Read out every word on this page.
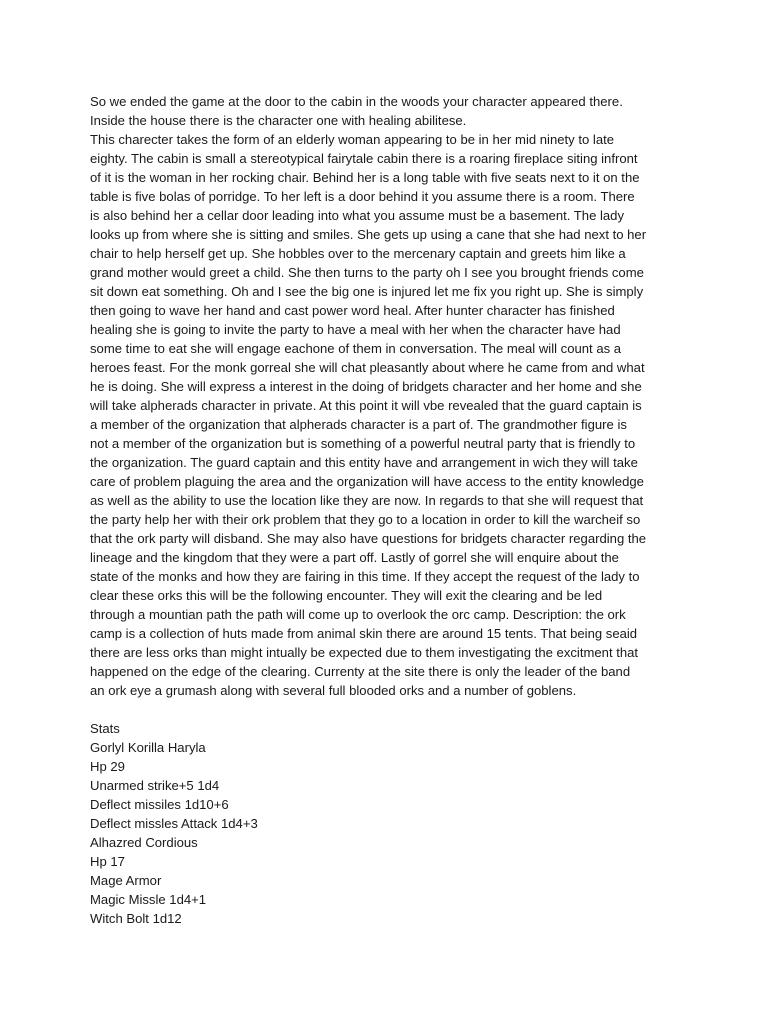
So we ended the game at the door to the cabin in the woods your character appeared there.
Inside the house there is the character one with healing abilitese.
This charecter takes the form of an elderly woman appearing to be in her mid ninety to late
eighty. The cabin is small a stereotypical fairytale cabin there is a roaring fireplace siting infront
of it is the woman in her rocking chair. Behind her is a long table with five seats next to it on the
table is five bolas of porridge. To her left is a door behind it you assume there is a room. There
is also behind her a cellar door leading into what you assume must be a basement. The lady
looks up from where she is sitting and smiles. She gets up using a cane that she had next to her
chair to help herself get up. She hobbles over to the mercenary captain and greets him like a
grand mother would greet a child. She then turns to the party oh I see you brought friends come
sit down eat something. Oh and I see the big one is injured let me fix you right up. She is simply
then going to wave her hand and cast power word heal. After hunter character has finished
healing she is going to invite the party to have a meal with her when the character have had
some time to eat she will engage eachone of them in conversation. The meal will count as a
heroes feast. For the monk gorreal she will chat pleasantly about where he came from and what
he is doing. She will express a interest in the doing of bridgets character and her home and she
will take alpherads character in private. At this point it will vbe revealed that the guard captain is
a member of the organization that alpherads character is a part of. The grandmother figure is
not a member of the organization but is something of a powerful neutral party that is friendly to
the organization. The guard captain and this entity have and arrangement in wich they will take
care of problem plaguing the area and the organization will have access to the entity knowledge
as well as the ability to use the location like they are now. In regards to that she will request that
the party help her with their ork problem that they go to a location in order to kill the warcheif so
that the ork party will disband. She may also have questions for bridgets character regarding the
lineage and the kingdom that they were a part off. Lastly of gorrel she will enquire about the
state of the monks and how they are fairing in this time. If they accept the request of the lady to
clear these orks this will be the following encounter. They will exit the clearing and be led
through a mountian path the path will come up to overlook the orc camp. Description: the ork
camp is a collection of huts made from animal skin there are around 15 tents. That being seaid
there are less orks than might intually be expected due to them investigating the excitment that
happened on the edge of the clearing. Currenty at the site there is only the leader of the band
an ork eye a grumash along with several full blooded orks and a number of goblens.
Stats
Gorlyl Korilla Haryla
Hp 29
Unarmed strike+5 1d4
Deflect missiles 1d10+6
Deflect missles Attack 1d4+3
Alhazred Cordious
Hp 17
Mage Armor
Magic Missle 1d4+1
Witch Bolt 1d12
